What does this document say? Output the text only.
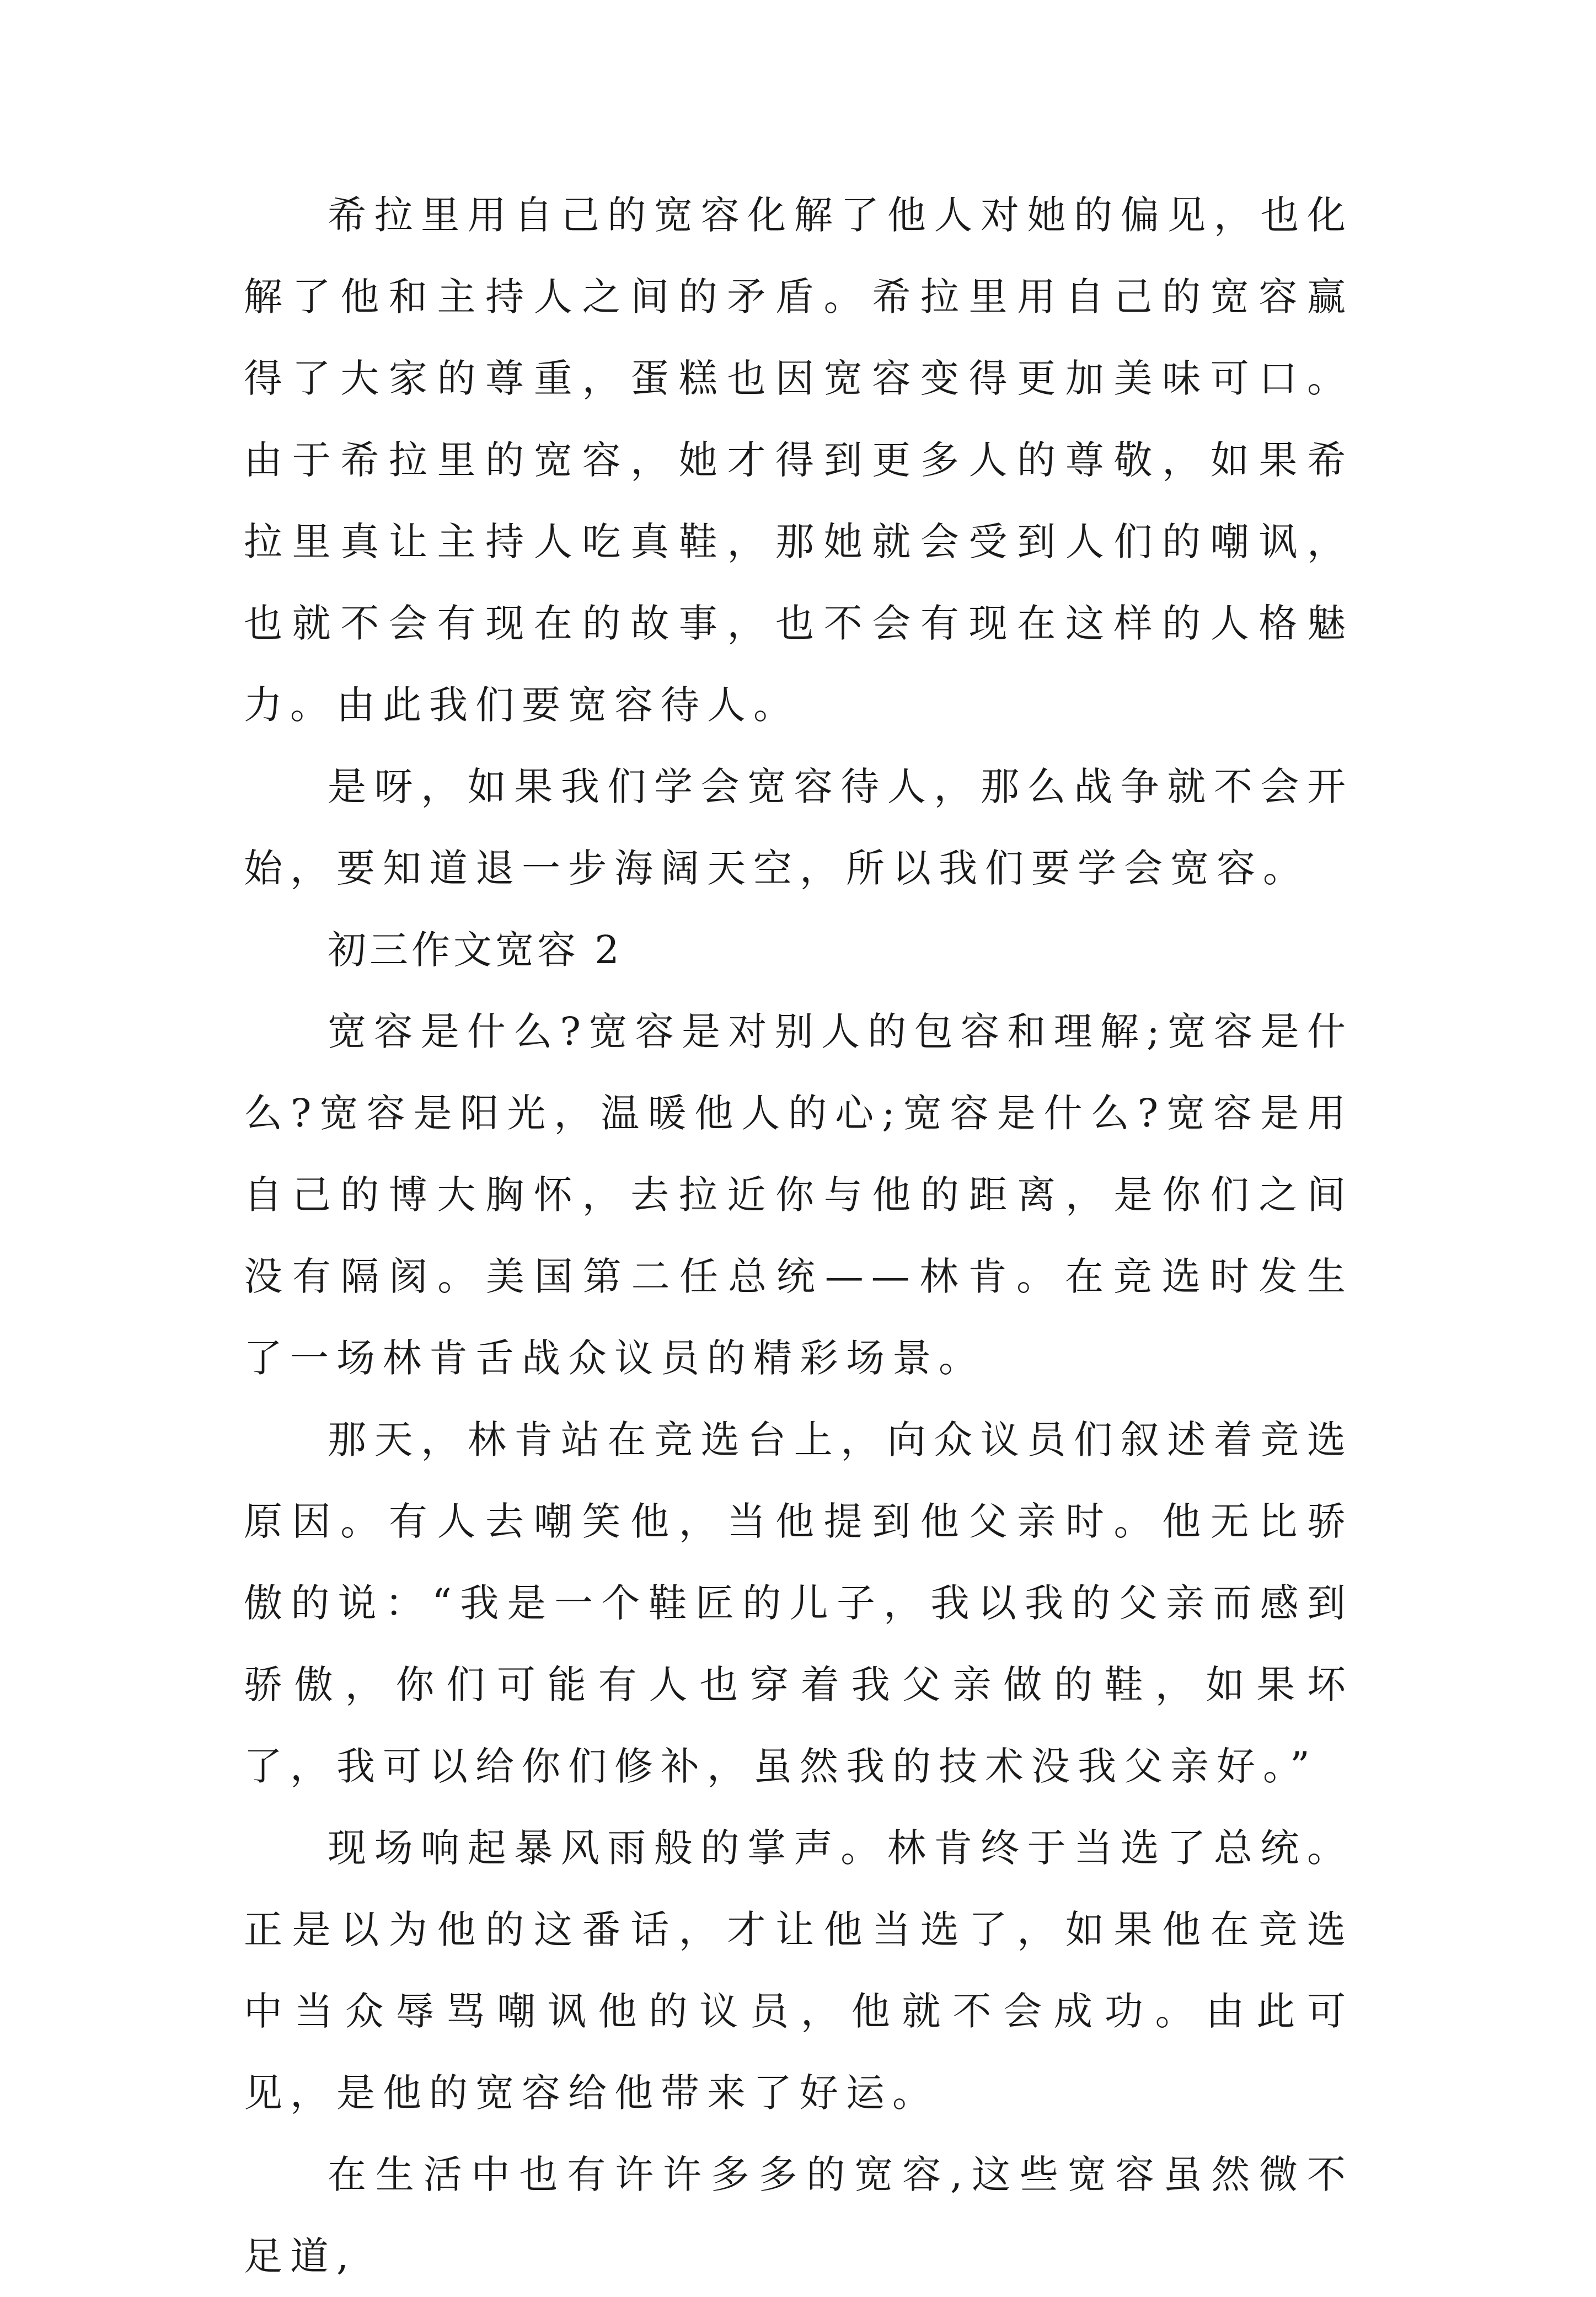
希拉里用自己的宽容化解了他人对她的偏见，也化解了他和主持人之间的矛盾。希拉里用自己的宽容赢得了大家的尊重，蛋糕也因宽容变得更加美味可口。由于希拉里的宽容，她才得到更多人的尊敬，如果希拉里真让主持人吃真鞋，那她就会受到人们的嘲讽，也就不会有现在的故事，也不会有现在这样的人格魅力。由此我们要宽容待人。

是呀，如果我们学会宽容待人，那么战争就不会开始，要知道退一步海阔天空，所以我们要学会宽容。

初三作文宽容 2

宽容是什么?宽容是对别人的包容和理解;宽容是什么?宽容是阳光，温暖他人的心;宽容是什么?宽容是用自己的博大胸怀，去拉近你与他的距离，是你们之间没有隔阂。美国第二任总统——林肯。在竞选时发生了一场林肯舌战众议员的精彩场景。

那天，林肯站在竞选台上，向众议员们叙述着竞选原因。有人去嘲笑他，当他提到他父亲时。他无比骄傲的说：“我是一个鞋匠的儿子，我以我的父亲而感到骄傲，你们可能有人也穿着我父亲做的鞋，如果坏了，我可以给你们修补，虽然我的技术没我父亲好。”

现场响起暴风雨般的掌声。林肯终于当选了总统。正是以为他的这番话，才让他当选了，如果他在竞选中当众辱骂嘲讽他的议员，他就不会成功。由此可见，是他的宽容给他带来了好运。

在生活中也有许许多多的宽容,这些宽容虽然微不足道,
